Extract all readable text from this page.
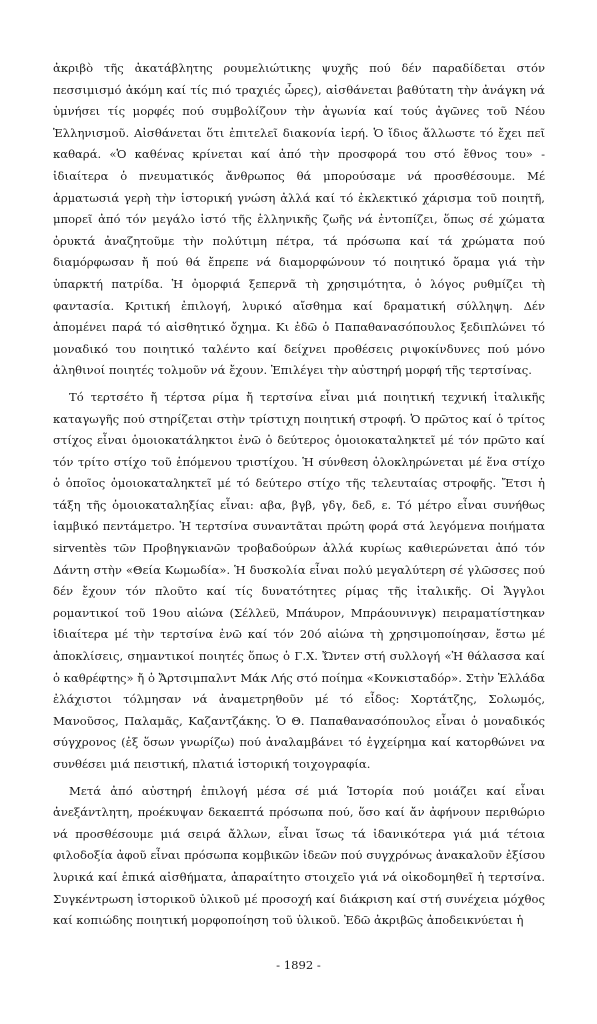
ἀκριβὸ τῆς ἀκατάβλητης ρουμελιώτικης ψυχῆς πού δέν παραδίδεται στόν πεσσιμισμό ἀκόμη καί τίς πιό τραχιές ὧρες), αἰσθάνεται βαθύτατη τὴν ἀνάγκη νά ὑμνήσει τίς μορφές πού συμβολίζουν τὴν ἀγωνία καί τούς ἀγῶνες τοῦ Νέου Ἑλληνισμοῦ. Αἰσθάνεται ὅτι ἐπιτελεῖ διακονία ἱερή. Ὁ ἴδιος ἄλλωστε τό ἔχει πεῖ καθαρά. «Ὁ καθένας κρίνεται καί ἀπό τὴν προσφορά του στό ἔθνος του» - ἰδιαίτερα ὁ πνευματικός ἄνθρωπος θά μπορούσαμε νά προσθέσουμε. Μέ ἁρματωσιά γερὴ τὴν ἱστορική γνώση ἀλλά καί τό ἐκλεκτικό χάρισμα τοῦ ποιητῆ, μπορεῖ ἀπό τόν μεγάλο ἱστό τῆς ἑλληνικῆς ζωῆς νά ἐντοπίζει, ὅπως σέ χώματα ὀρυκτά ἀναζητοῦμε τὴν πολύτιμη πέτρα, τά πρόσωπα καί τά χρώματα πού διαμόρφωσαν ἤ πού θά ἔπρεπε νά διαμορφώνουν τό ποιητικό ὅραμα γιά τὴν ὑπαρκτή πατρίδα. Ἡ ὀμορφιά ξεπερνᾶ τὴ χρησιμότητα, ὁ λόγος ρυθμίζει τὴ φαντασία. Κριτική ἐπιλογή, λυρικό αἴσθημα καί δραματική σύλληψη. Δέν ἀπομένει παρά τό αἰσθητικό ὄχημα. Κι ἐδῶ ὁ Παπαθανασόπουλος ξεδιπλώνει τό μοναδικό του ποιητικό ταλέντο καί δείχνει προθέσεις ριψοκίνδυνες πού μόνο ἀληθινοί ποιητές τολμοῦν νά ἔχουν. Ἐπιλέγει τὴν αὐστηρή μορφή τῆς τερτσίνας.

Τό τερτσέτο ἤ τέρτσα ρίμα ἤ τερτσίνα εἶναι μιά ποιητική τεχνική ἰταλικῆς καταγωγῆς πού στηρίζεται στὴν τρίστιχη ποιητική στροφή. Ὁ πρῶτος καί ὁ τρίτος στίχος εἶναι ὁμοιοκατάληκτοι ἐνῶ ὁ δεύτερος ὁμοιοκαταληκτεῖ μέ τόν πρῶτο καί τόν τρίτο στίχο τοῦ ἑπόμενου τριστίχου. Ἡ σύνθεση ὁλοκληρώνεται μέ ἕνα στίχο ὁ ὁποῖος ὁμοιοκαταληκτεῖ μέ τό δεύτερο στίχο τῆς τελευταίας στροφῆς. Ἔτσι ἡ τάξη τῆς ὁμοιοκαταληξίας εἶναι: αβα, βγβ, γδγ, δεδ, ε. Τό μέτρο εἶναι συνήθως ἰαμβικό πεντάμετρο. Ἡ τερτσίνα συναντᾶται πρώτη φορά στά λεγόμενα ποιήματα sirventès τῶν Προβηγκιανῶν τροβαδούρων ἀλλά κυρίως καθιερώνεται ἀπό τόν Δάντη στὴν «Θεία Κωμωδία». Ἡ δυσκολία εἶναι πολύ μεγαλύτερη σέ γλῶσσες πού δέν ἔχουν τόν πλοῦτο καί τίς δυνατότητες ρίμας τῆς ἰταλικῆς. Οἱ Ἄγγλοι ρομαντικοί τοῦ 19ου αἰώνα (Σέλλεϋ, Μπάυρον, Μπράουνινγκ) πειραματίστηκαν ἰδιαίτερα μέ τὴν τερτσίνα ἐνῶ καί τόν 20ό αἰώνα τὴ χρησιμοποίησαν, ἔστω μέ ἀποκλίσεις, σημαντικοί ποιητές ὅπως ὁ Γ.Χ. Ὤντεν στή συλλογή «Ἡ θάλασσα καί ὁ καθρέφτης» ἤ ὁ Ἄρτσιμπαλντ Μάκ Λής στό ποίημα «Κονκισταδόρ». Στὴν Ἑλλάδα ἐλάχιστοι τόλμησαν νά ἀναμετρηθοῦν μέ τό εἶδος: Χορτάτζης, Σολωμός, Μανοῦσος, Παλαμᾶς, Καζαντζάκης. Ὁ Θ. Παπαθανασόπουλος εἶναι ὁ μοναδικός σύγχρονος (ἐξ ὅσων γνωρίζω) πού ἀναλαμβάνει τό ἐγχείρημα καί κατορθώνει να συνθέσει μιά πειστική, πλατιά ἱστορική τοιχογραφία.

Μετά ἀπό αὐστηρή ἐπιλογή μέσα σέ μιά Ἱστορία πού μοιάζει καί εἶναι ἀνεξάντλητη, προέκυψαν δεκαεπτά πρόσωπα πού, ὅσο καί ἄν ἀφήνουν περιθώριο νά προσθέσουμε μιά σειρά ἄλλων, εἶναι ἴσως τά ἰδανικότερα γιά μιά τέτοια φιλοδοξία ἀφοῦ εἶναι πρόσωπα κομβικῶν ἰδεῶν πού συγχρόνως ἀνακαλοῦν ἐξίσου λυρικά καί ἐπικά αἰσθήματα, ἀπαραίτητο στοιχεῖο γιά νά οἰκοδομηθεῖ ἡ τερτσίνα. Συγκέντρωση ἱστορικοῦ ὑλικοῦ μέ προσοχή καί διάκριση καί στή συνέχεια μόχθος καί κοπιώδης ποιητική μορφοποίηση τοῦ ὑλικοῦ. Ἐδῶ ἀκριβῶς ἀποδεικνύεται ἡ

- 1892 -
